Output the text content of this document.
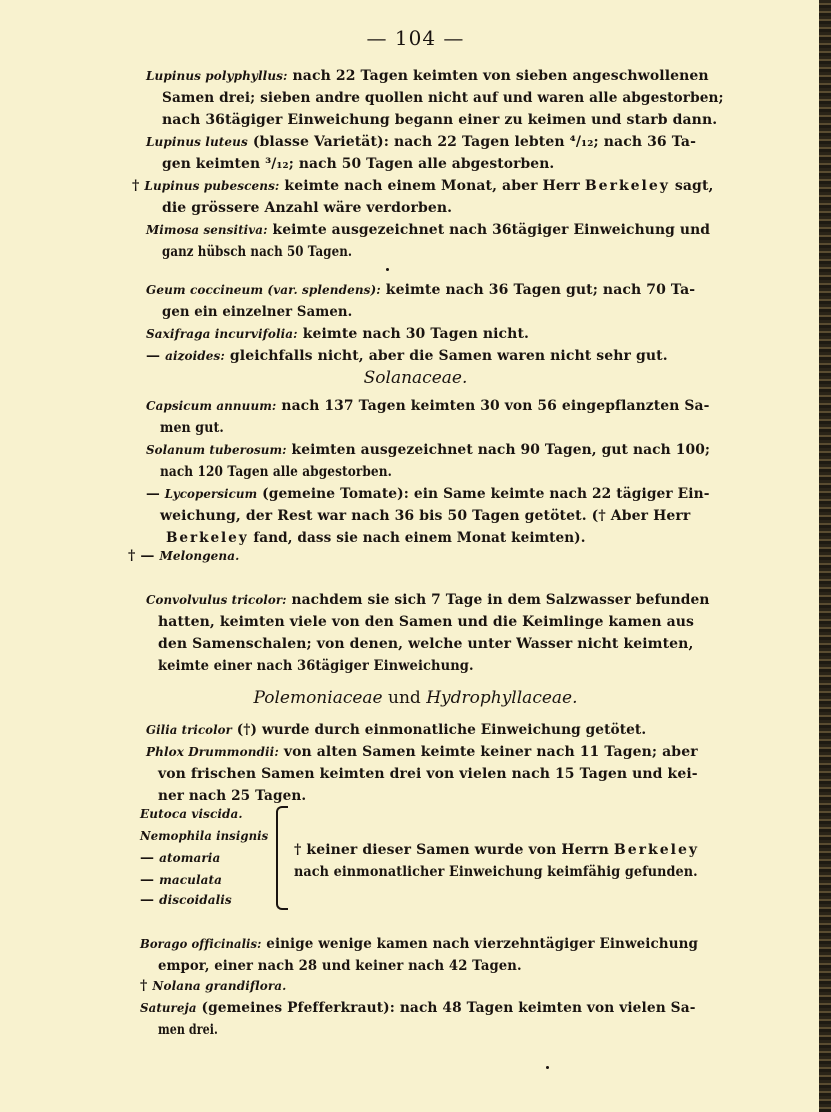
— 104 —
Solanaceae.
Polemoniaceae und Hydrophyllaceae.
Lupinus polyphyllus: nach 22 Tagen keimten von sieben angeschwollenen
Samen drei; sieben andre quollen nicht auf und waren alle abgestorben;
nach 36tägiger Einweichung begann einer zu keimen und starb dann.
Lupinus luteus (blasse Varietät): nach 22 Tagen lebten ⁴/₁₂; nach 36 Ta-
gen keimten ³/₁₂; nach 50 Tagen alle abgestorben.
† Lupinus pubescens: keimte nach einem Monat, aber Herr Berkeley sagt,
die grössere Anzahl wäre verdorben.
Mimosa sensitiva: keimte ausgezeichnet nach 36tägiger Einweichung und
ganz hübsch nach 50 Tagen.
Geum coccineum (var. splendens): keimte nach 36 Tagen gut; nach 70 Ta-
gen ein einzelner Samen.
Saxifraga incurvifolia: keimte nach 30 Tagen nicht.
— aizoides: gleichfalls nicht, aber die Samen waren nicht sehr gut.
Capsicum annuum: nach 137 Tagen keimten 30 von 56 eingepflanzten Sa-
men gut.
Solanum tuberosum: keimten ausgezeichnet nach 90 Tagen, gut nach 100;
nach 120 Tagen alle abgestorben.
— Lycopersicum (gemeine Tomate): ein Same keimte nach 22 tägiger Ein-
weichung, der Rest war nach 36 bis 50 Tagen getötet. († Aber Herr
Berkeley fand, dass sie nach einem Monat keimten).
† — Melongena.
Convolvulus tricolor: nachdem sie sich 7 Tage in dem Salzwasser befunden
hatten, keimten viele von den Samen und die Keimlinge kamen aus
den Samenschalen; von denen, welche unter Wasser nicht keimten,
keimte einer nach 36tägiger Einweichung.
Gilia tricolor (†) wurde durch einmonatliche Einweichung getötet.
Phlox Drummondii: von alten Samen keimte keiner nach 11 Tagen; aber
von frischen Samen keimten drei von vielen nach 15 Tagen und kei-
ner nach 25 Tagen.
Eutoca viscida.
Nemophila insignis
— atomaria
— maculata
— discoidalis
† keiner dieser Samen wurde von Herrn Berkeley
nach einmonatlicher Einweichung keimfähig gefunden.
Borago officinalis: einige wenige kamen nach vierzehntägiger Einweichung
empor, einer nach 28 und keiner nach 42 Tagen.
† Nolana grandiflora.
Satureja (gemeines Pfefferkraut): nach 48 Tagen keimten von vielen Sa-
men drei.
